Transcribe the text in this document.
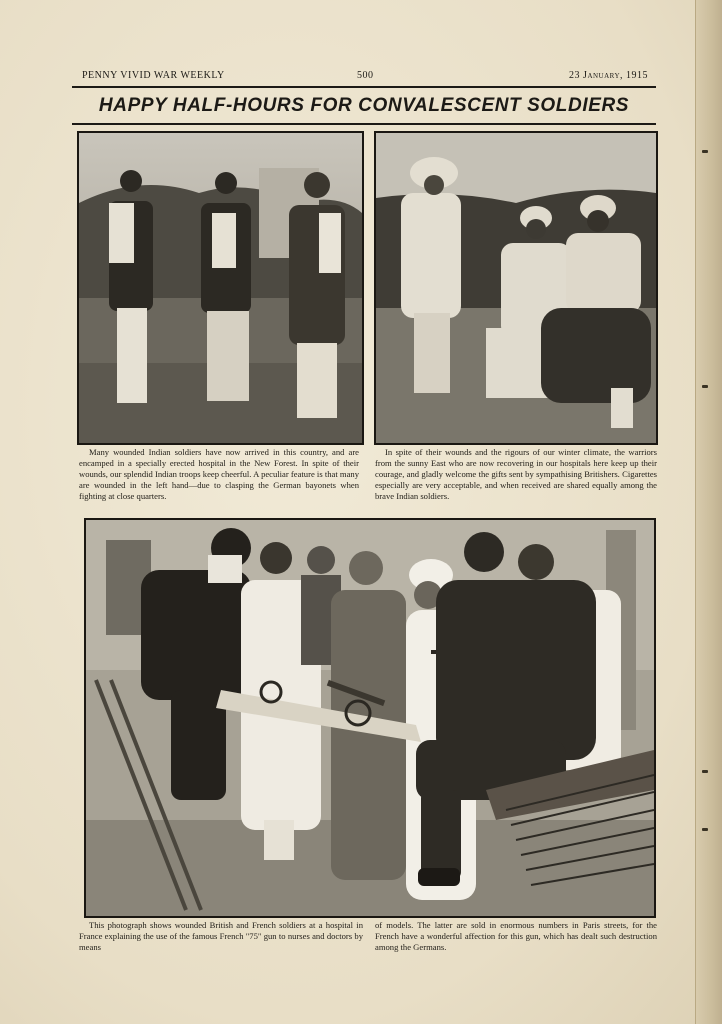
PENNY VIVID WAR WEEKLY	500	23 January, 1915
HAPPY HALF-HOURS FOR CONVALESCENT SOLDIERS
Many wounded Indian soldiers have now arrived in this country, and are encamped in a specially erected hospital in the New Forest. In spite of their wounds, our splendid Indian troops keep cheerful. A peculiar feature is that many are wounded in the left hand—due to clasping the German bayonets when fighting at close quarters.
In spite of their wounds and the rigours of our winter climate, the warriors from the sunny East who are now recovering in our hospitals here keep up their courage, and gladly welcome the gifts sent by sympathising Britishers. Cigarettes especially are very acceptable, and when received are shared equally among the brave Indian soldiers.
This photograph shows wounded British and French soldiers at a hospital in France explaining the use of the famous French "75" gun to nurses and doctors by means
of models. The latter are sold in enormous numbers in Paris streets, for the French have a wonderful affection for this gun, which has dealt such destruction among the Germans.
